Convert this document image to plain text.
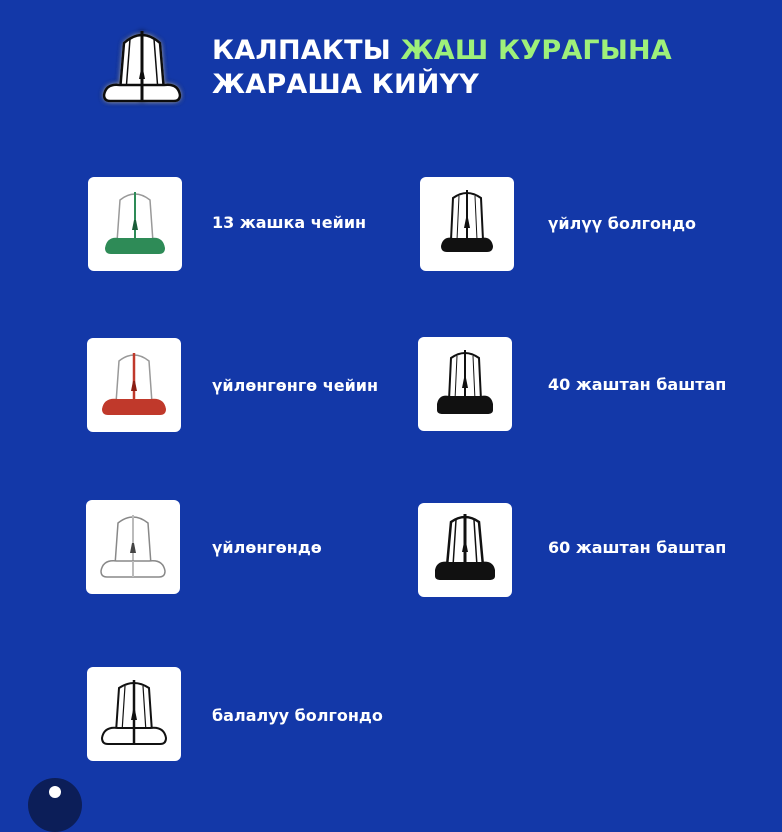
КАЛПАКТЫ ЖАШ КУРАГЫНА
ЖАРАША КИЙҮҮ
13 жашка чейин	үйлүү болгондо
үйлөнгөнгө чейин	40 жаштан баштап
үйлөнгөндө	60 жаштан баштап
балалуу болгондо
